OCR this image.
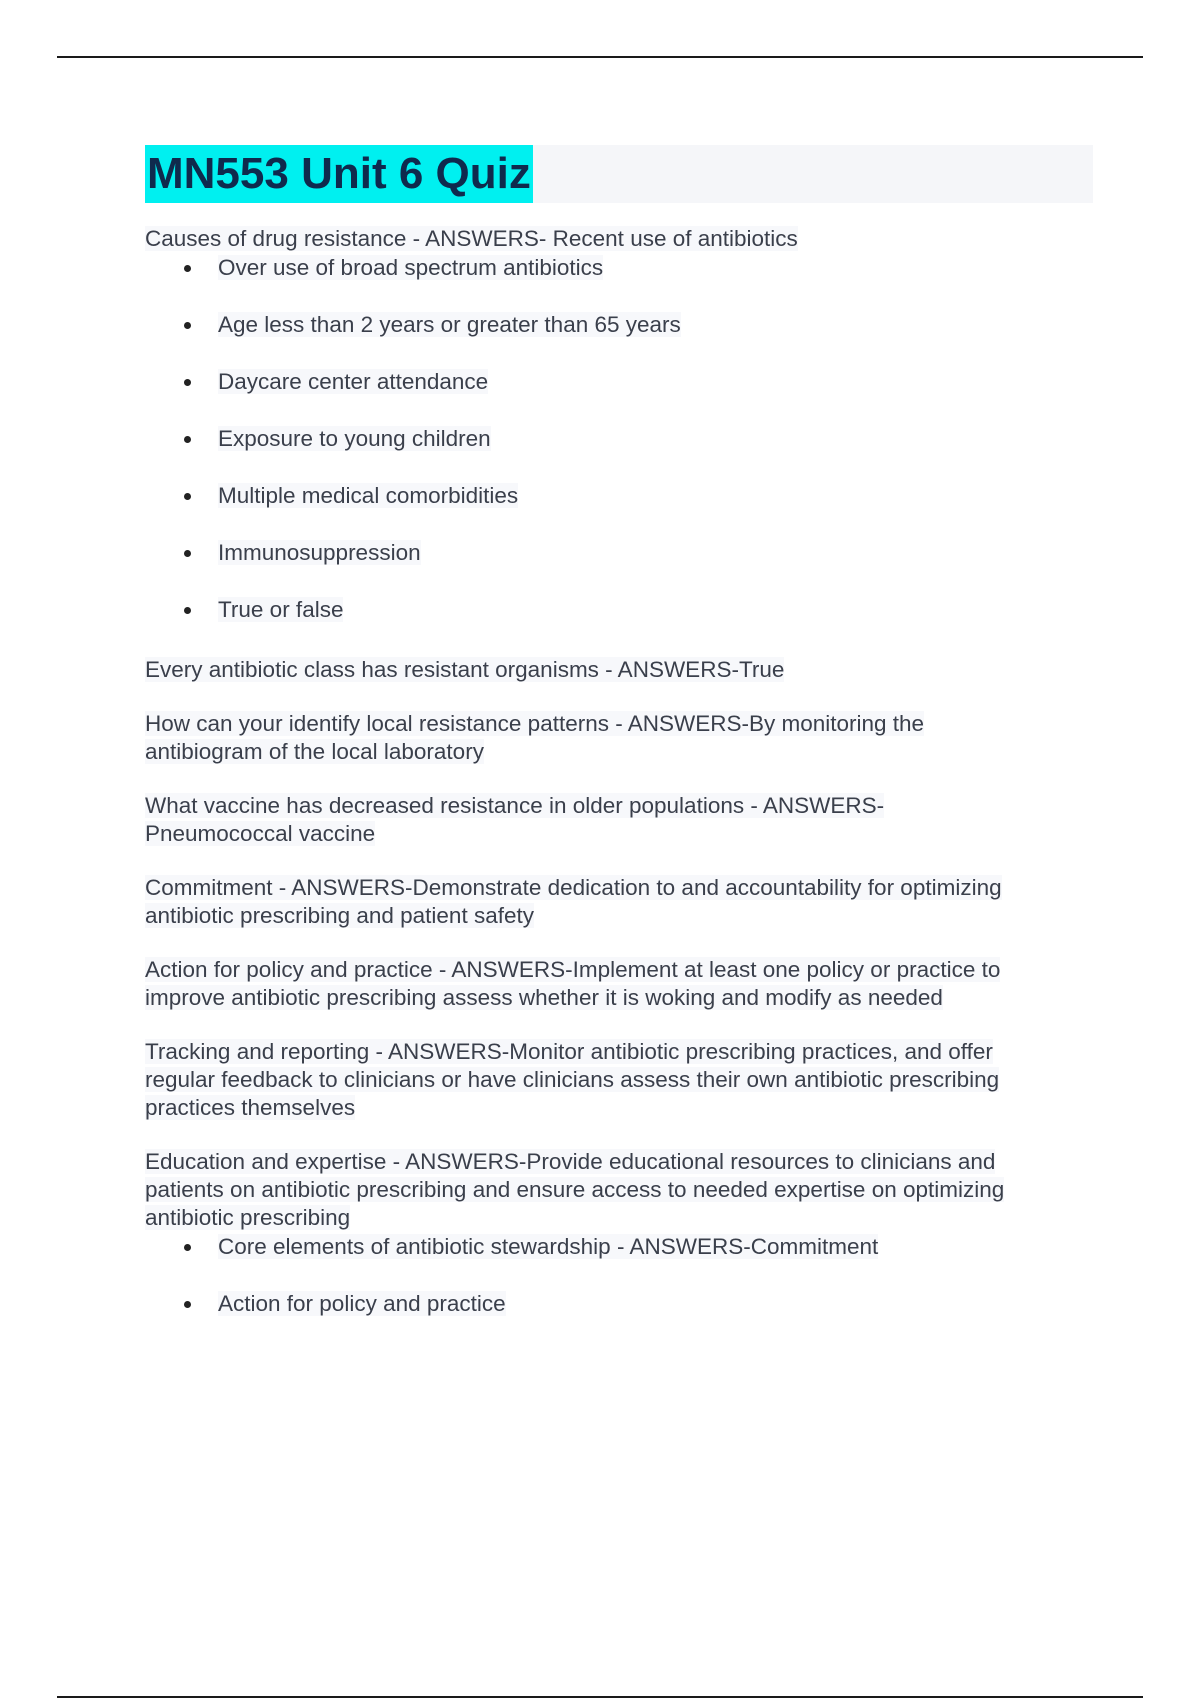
MN553 Unit 6 Quiz
Causes of drug resistance - ANSWERS- Recent use of antibiotics
Over use of broad spectrum antibiotics
Age less than 2 years or greater than 65 years
Daycare center attendance
Exposure to young children
Multiple medical comorbidities
Immunosuppression
True or false
Every antibiotic class has resistant organisms - ANSWERS-True
How can your identify local resistance patterns - ANSWERS-By monitoring the
antibiogram of the local laboratory
What vaccine has decreased resistance in older populations - ANSWERS-
Pneumococcal vaccine
Commitment - ANSWERS-Demonstrate dedication to and accountability for optimizing
antibiotic prescribing and patient safety
Action for policy and practice - ANSWERS-Implement at least one policy or practice to
improve antibiotic prescribing assess whether it is woking and modify as needed
Tracking and reporting - ANSWERS-Monitor antibiotic prescribing practices, and offer
regular feedback to clinicians or have clinicians assess their own antibiotic prescribing
practices themselves
Education and expertise - ANSWERS-Provide educational resources to clinicians and
patients on antibiotic prescribing and ensure access to needed expertise on optimizing
antibiotic prescribing
Core elements of antibiotic stewardship - ANSWERS-Commitment
Action for policy and practice
